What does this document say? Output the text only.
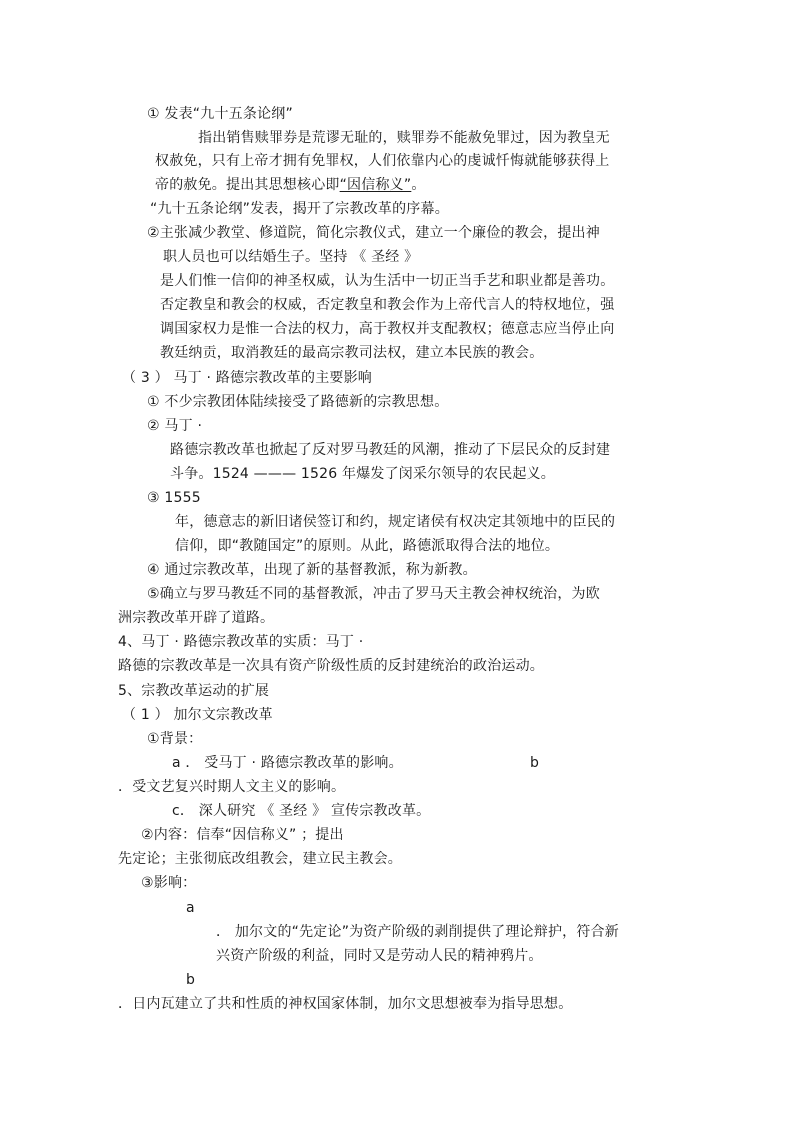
① 发表“九十五条论纲”
指出销售赎罪券是荒谬无耻的，赎罪券不能赦免罪过，因为教皇无
权赦免，只有上帝才拥有免罪权，人们依靠内心的虔诚忏悔就能够获得上
帝的赦免。提出其思想核心即“因信称义”。
“九十五条论纲”发表，揭开了宗教改革的序幕。
②主张减少教堂、修道院，简化宗教仪式，建立一个廉俭的教会，提出神
职人员也可以结婚生子。坚持 《 圣经 》
是人们惟一信仰的神圣权威，认为生活中一切正当手艺和职业都是善功。
否定教皇和教会的权威，否定教皇和教会作为上帝代言人的特权地位，强
调国家权力是惟一合法的权力，高于教权并支配教权；德意志应当停止向
教廷纳贡，取消教廷的最高宗教司法权，建立本民族的教会。
（ 3 ） 马丁 · 路德宗教改革的主要影响
① 不少宗教团体陆续接受了路德新的宗教思想。
② 马丁 ·
路德宗教改革也掀起了反对罗马教廷的风潮，推动了下层民众的反封建
斗争。1524 ——— 1526 年爆发了闵采尔领导的农民起义。
③ 1555
年，德意志的新旧诸侯签订和约，规定诸侯有权决定其领地中的臣民的
信仰，即“教随国定”的原则。从此，路德派取得合法的地位。
④ 通过宗教改革，出现了新的基督教派，称为新教。
⑤确立与罗马教廷不同的基督教派，冲击了罗马天主教会神权统治，为欧
洲宗教改革开辟了道路。
4、马丁 · 路德宗教改革的实质：马丁 ·
路德的宗教改革是一次具有资产阶级性质的反封建统治的政治运动。
5、宗教改革运动的扩展
（ 1 ） 加尔文宗教改革
①背景：
a ． 受马丁 · 路德宗教改革的影响。	b
．受文艺复兴时期人文主义的影响。
c． 深人研究 《 圣经 》 宣传宗教改革。
②内容：信奉“因信称义” ；提出
先定论；主张彻底改组教会，建立民主教会。
③影响：
a
． 加尔文的“先定论”为资产阶级的剥削提供了理论辩护，符合新
兴资产阶级的利益，同时又是劳动人民的精神鸦片。
b
．日内瓦建立了共和性质的神权国家体制，加尔文思想被奉为指导思想。
